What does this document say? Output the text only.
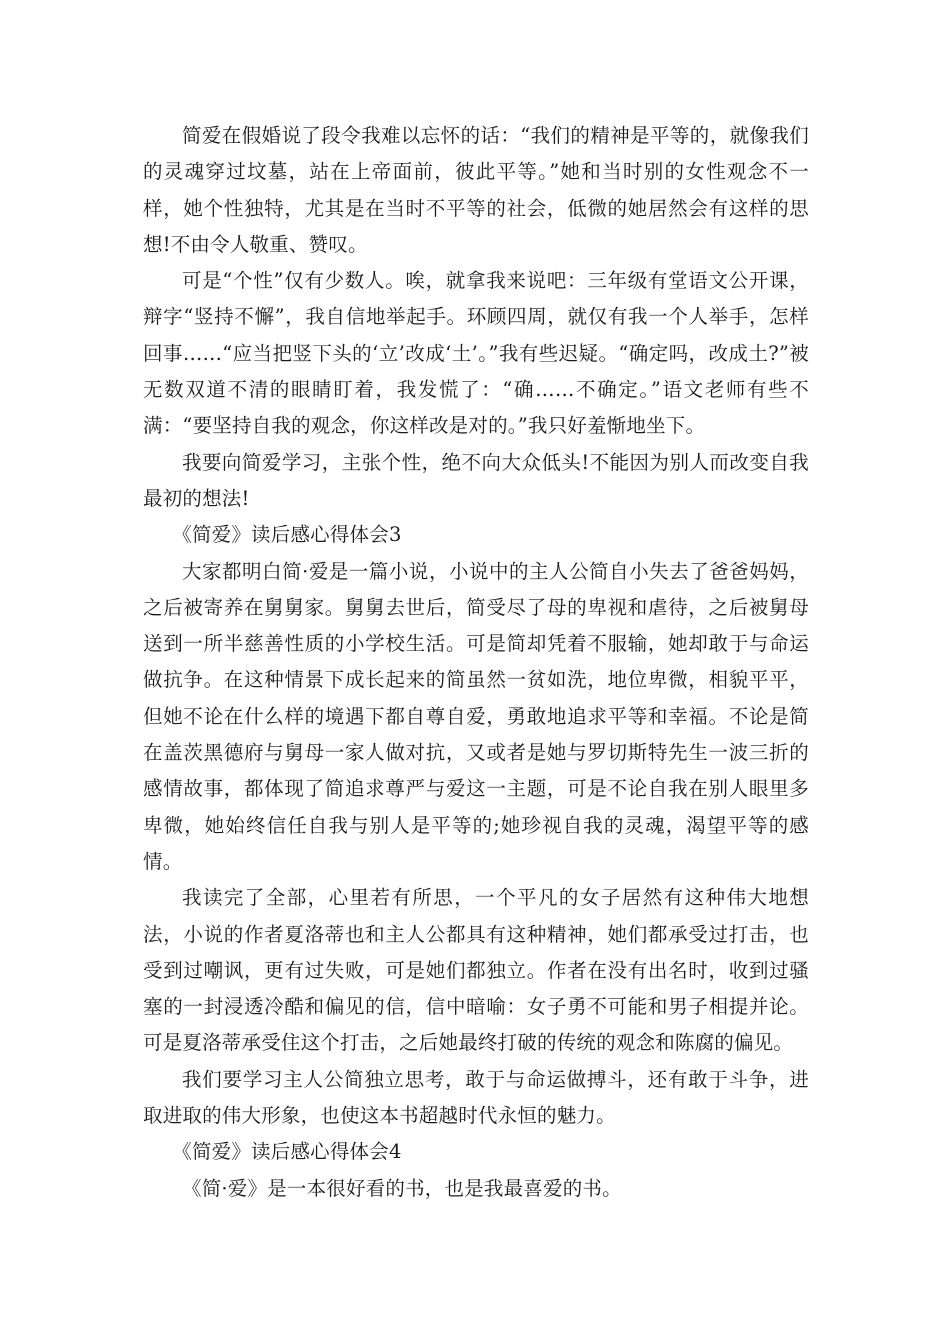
简爱在假婚说了段令我难以忘怀的话：“我们的精神是平等的，就像我们的灵魂穿过坟墓，站在上帝面前，彼此平等。”她和当时别的女性观念不一样，她个性独特，尤其是在当时不平等的社会，低微的她居然会有这样的思想!不由令人敬重、赞叹。

可是“个性”仅有少数人。唉，就拿我来说吧：三年级有堂语文公开课，辩字“竖持不懈”，我自信地举起手。环顾四周，就仅有我一个人举手，怎样回事……“应当把竖下头的‘立’改成‘土’。”我有些迟疑。“确定吗，改成土?”被无数双道不清的眼睛盯着，我发慌了：“确……不确定。”语文老师有些不满：“要坚持自我的观念，你这样改是对的。”我只好羞惭地坐下。

我要向简爱学习，主张个性，绝不向大众低头!不能因为别人而改变自我最初的想法!

《简爱》读后感心得体会3

大家都明白简·爱是一篇小说，小说中的主人公简自小失去了爸爸妈妈，之后被寄养在舅舅家。舅舅去世后，简受尽了母的卑视和虐待，之后被舅母送到一所半慈善性质的小学校生活。可是简却凭着不服输，她却敢于与命运做抗争。在这种情景下成长起来的简虽然一贫如洗，地位卑微，相貌平平，但她不论在什么样的境遇下都自尊自爱，勇敢地追求平等和幸福。不论是简在盖茨黑德府与舅母一家人做对抗，又或者是她与罗切斯特先生一波三折的感情故事，都体现了简追求尊严与爱这一主题，可是不论自我在别人眼里多卑微，她始终信任自我与别人是平等的;她珍视自我的灵魂，渴望平等的感情。

我读完了全部，心里若有所思，一个平凡的女子居然有这种伟大地想法，小说的作者夏洛蒂也和主人公都具有这种精神，她们都承受过打击，也受到过嘲讽，更有过失败，可是她们都独立。作者在没有出名时，收到过骚塞的一封浸透冷酷和偏见的信，信中暗喻：女子勇不可能和男子相提并论。可是夏洛蒂承受住这个打击，之后她最终打破的传统的观念和陈腐的偏见。

我们要学习主人公简独立思考，敢于与命运做搏斗，还有敢于斗争，进取进取的伟大形象，也使这本书超越时代永恒的魅力。

《简爱》读后感心得体会4

《简·爱》是一本很好看的书，也是我最喜爱的书。
